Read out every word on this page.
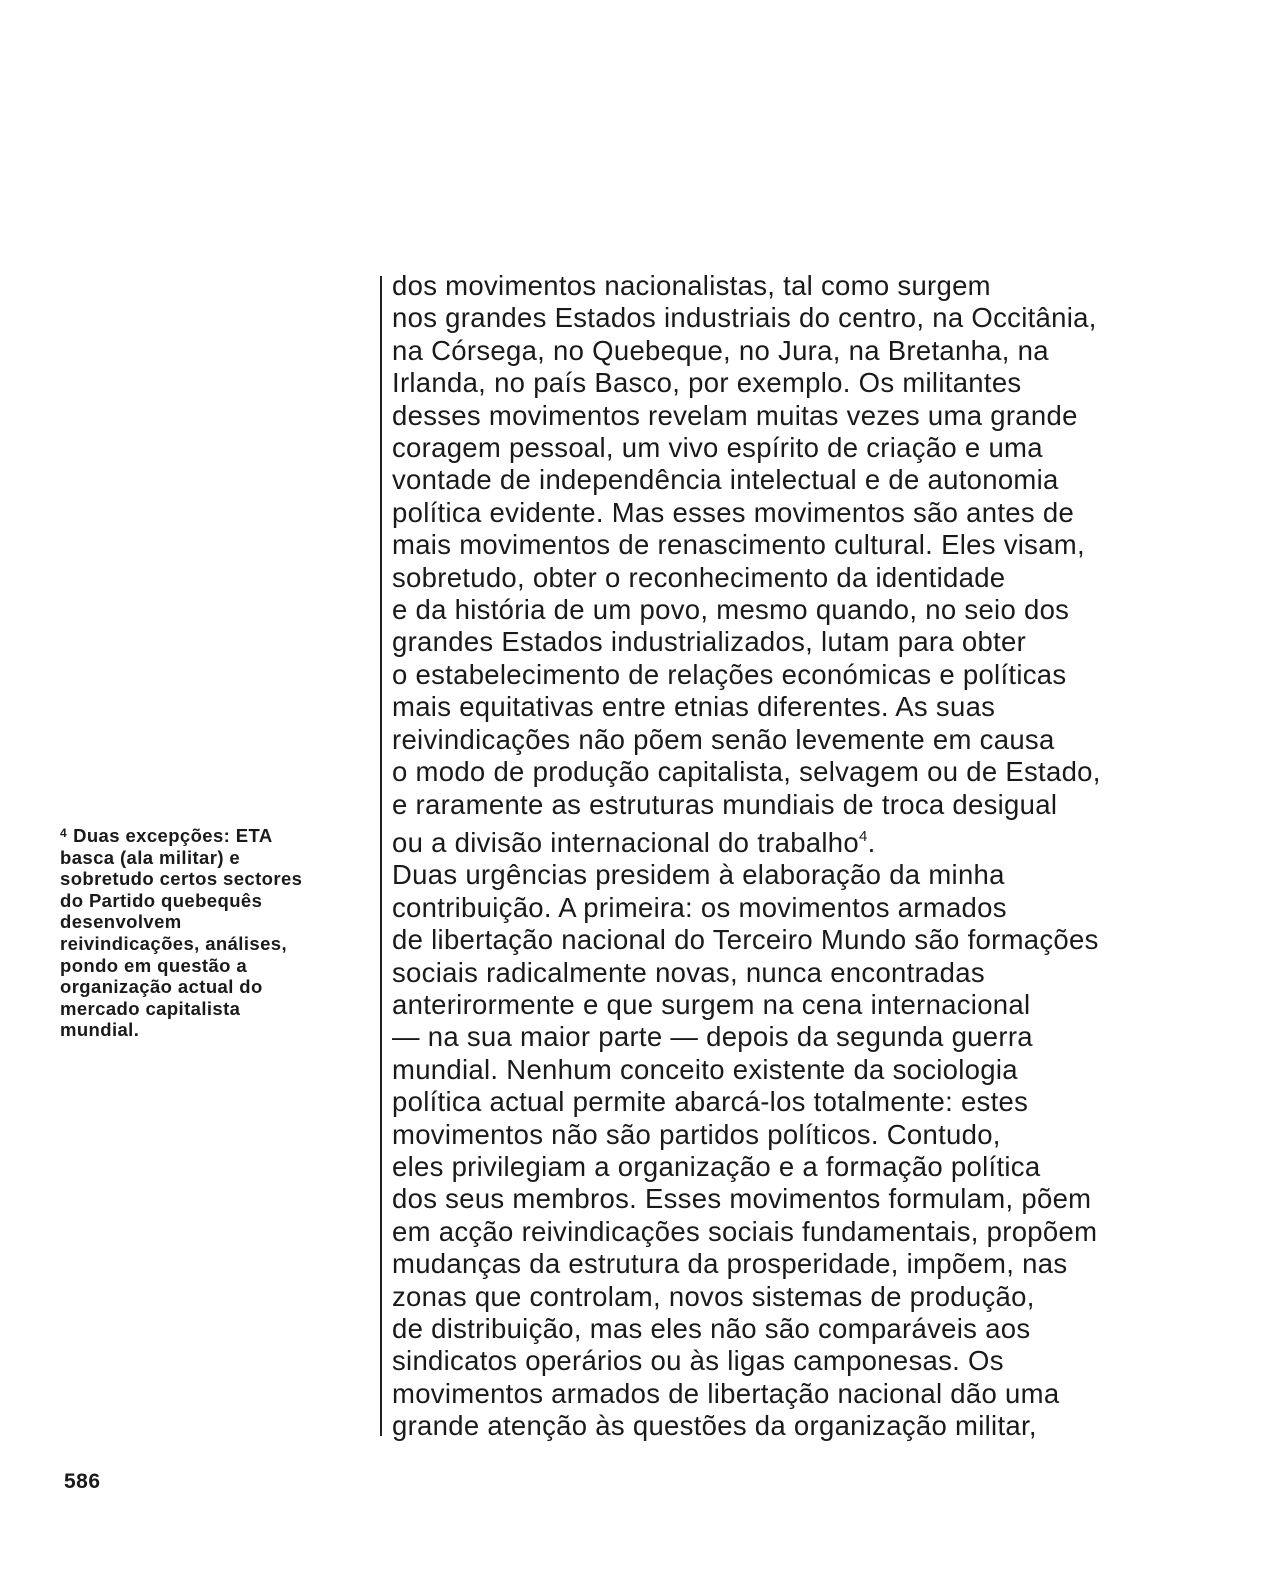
dos movimentos nacionalistas, tal como surgem
nos grandes Estados industriais do centro, na Occitânia,
na Córsega, no Quebeque, no Jura, na Bretanha, na
Irlanda, no país Basco, por exemplo. Os militantes
desses movimentos revelam muitas vezes uma grande
coragem pessoal, um vivo espírito de criação e uma
vontade de independência intelectual e de autonomia
política evidente. Mas esses movimentos são antes de
mais movimentos de renascimento cultural. Eles visam,
sobretudo, obter o reconhecimento da identidade
e da história de um povo, mesmo quando, no seio dos
grandes Estados industrializados, lutam para obter
o estabelecimento de relações económicas e políticas
mais equitativas entre etnias diferentes. As suas
reivindicações não põem senão levemente em causa
o modo de produção capitalista, selvagem ou de Estado,
e raramente as estruturas mundiais de troca desigual
ou a divisão internacional do trabalho$^4$.
Duas urgências presidem à elaboração da minha
contribuição. A primeira: os movimentos armados
de libertação nacional do Terceiro Mundo são formações
sociais radicalmente novas, nunca encontradas
anterirormente e que surgem na cena internacional
— na sua maior parte — depois da segunda guerra
mundial. Nenhum conceito existente da sociologia
política actual permite abarcá-los totalmente: estes
movimentos não são partidos políticos. Contudo,
eles privilegiam a organização e a formação política
dos seus membros. Esses movimentos formulam, põem
em acção reivindicações sociais fundamentais, propõem
mudanças da estrutura da prosperidade, impõem, nas
zonas que controlam, novos sistemas de produção,
de distribuição, mas eles não são comparáveis aos
sindicatos operários ou às ligas camponesas. Os
movimentos armados de libertação nacional dão uma
grande atenção às questões da organização militar,
$^4$ Duas excepções: ETA
basca (ala militar) e
sobretudo certos sectores
do Partido quebequês
desenvolvem
reivindicações, análises,
pondo em questão a
organização actual do
mercado capitalista
mundial.
586
